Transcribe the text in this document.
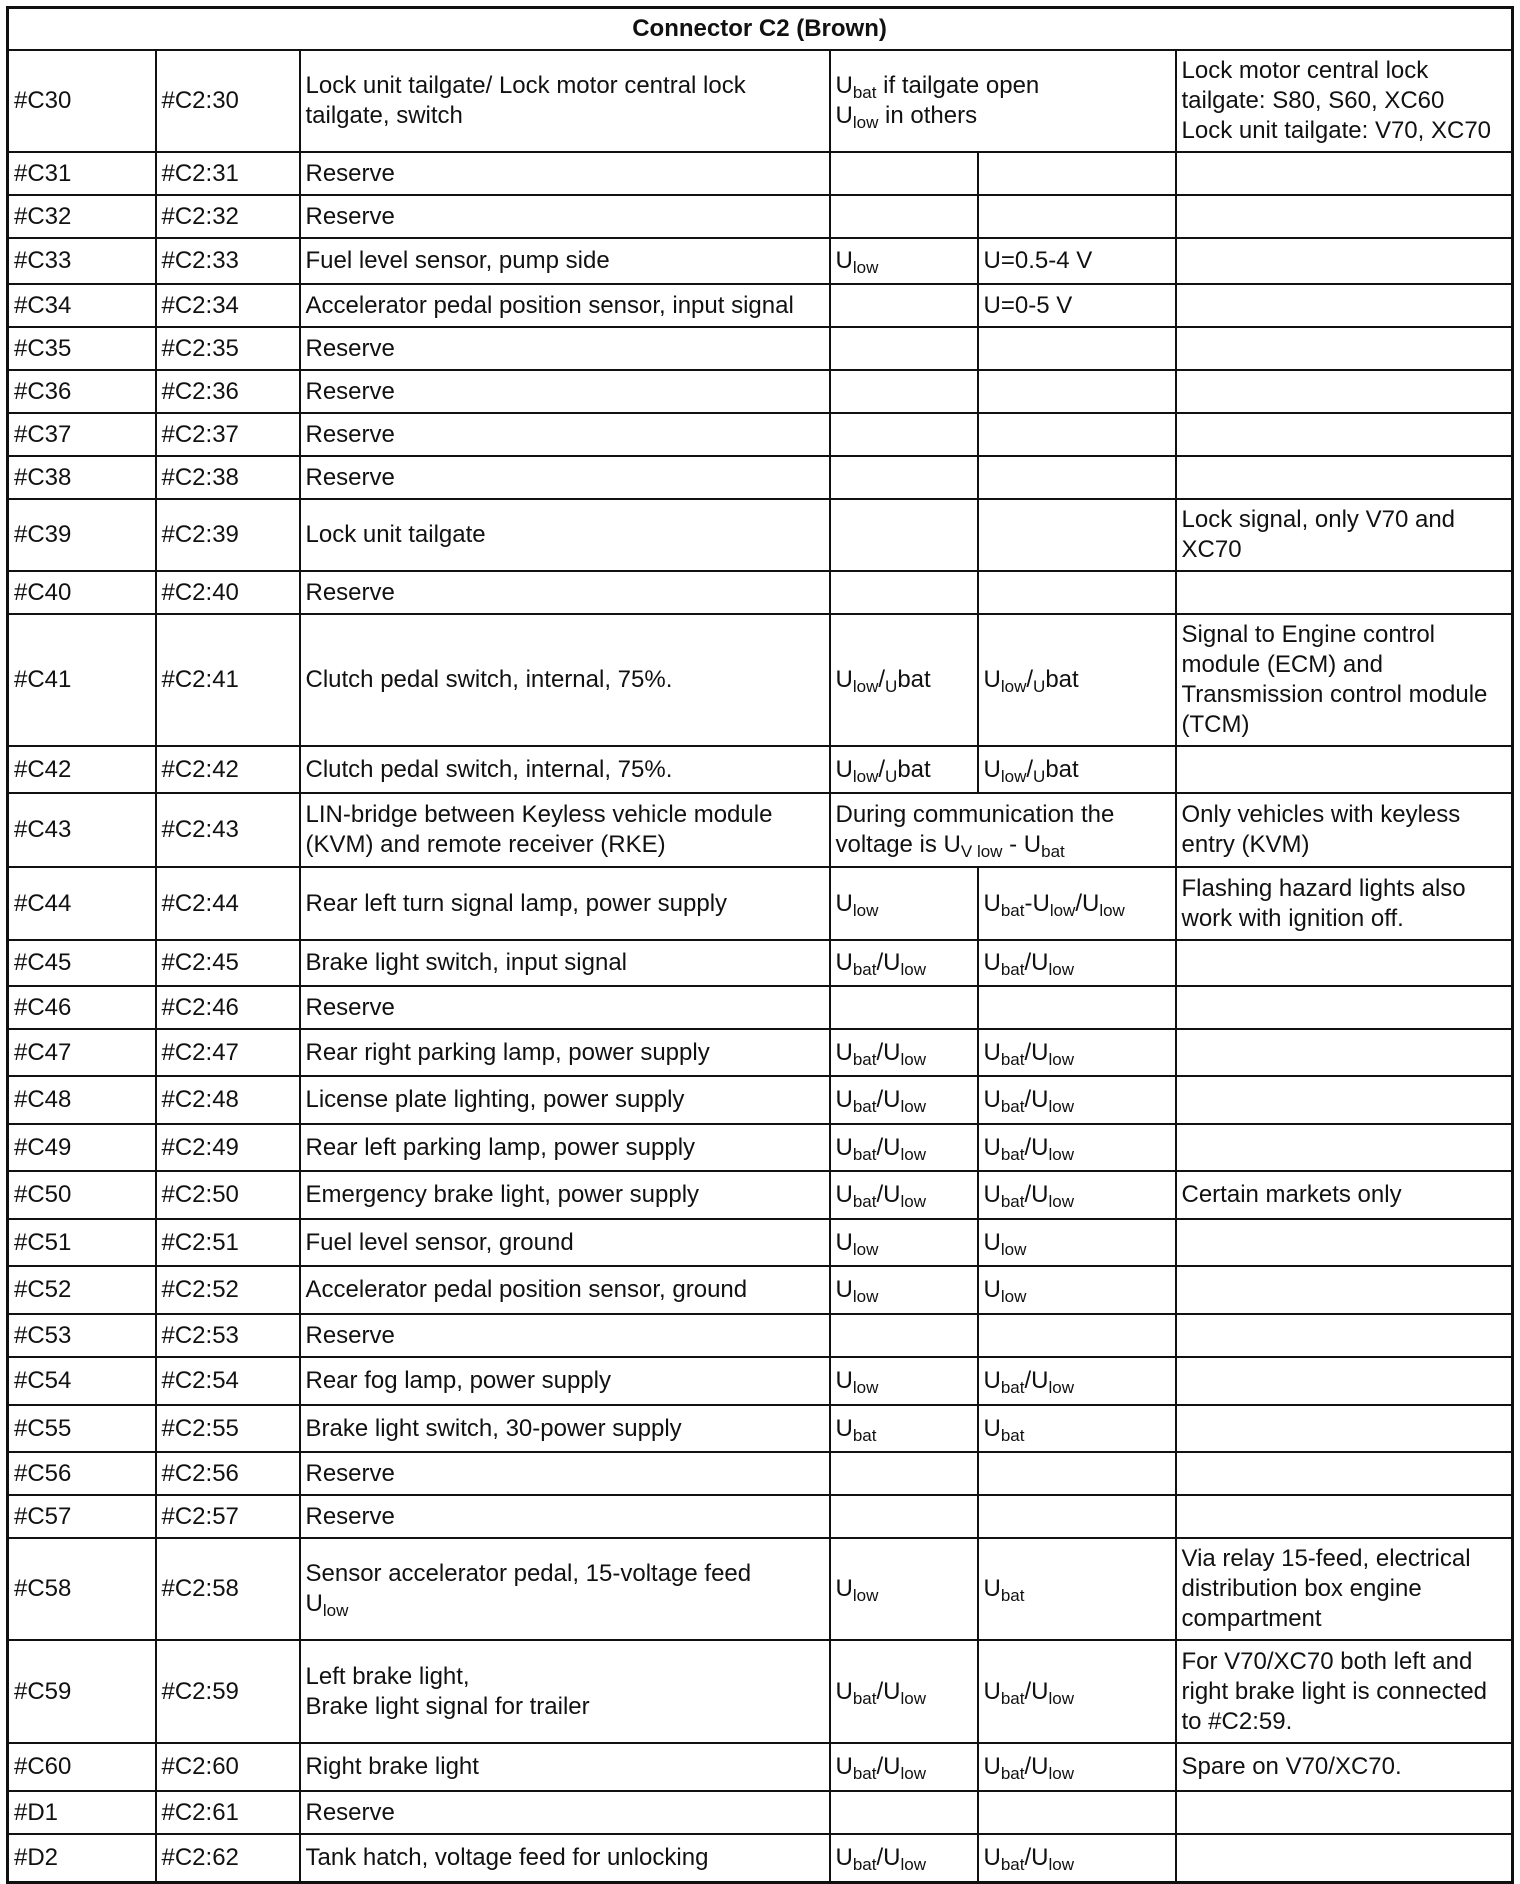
Connector C2 (Brown)					

#C30	#C2:30	Lock unit tailgate/ Lock motor central lock
tailgate, switch	$U_{bat}$ if tailgate open
$U_{low}$ in others		Lock motor central lock
tailgate: S80, S60, XC60
Lock unit tailgate: V70, XC70

#C31	#C2:31	Reserve			

#C32	#C2:32	Reserve			

#C33	#C2:33	Fuel level sensor, pump side	$U_{low}$	U=0.5-4 V	

#C34	#C2:34	Accelerator pedal position sensor, input signal		U=0-5 V	

#C35	#C2:35	Reserve			

#C36	#C2:36	Reserve			

#C37	#C2:37	Reserve			

#C38	#C2:38	Reserve			

#C39	#C2:39	Lock unit tailgate			Lock signal, only V70 and
XC70

#C40	#C2:40	Reserve			

#C41	#C2:41	Clutch pedal switch, internal, 75%.	$U_{low}/_Ubat$	$U_{low}/_Ubat$	Signal to Engine control
module (ECM) and
Transmission control module
(TCM)

#C42	#C2:42	Clutch pedal switch, internal, 75%.	$U_{low}/_Ubat$	$U_{low}/_Ubat$	

#C43	#C2:43	LIN-bridge between Keyless vehicle module
(KVM) and remote receiver (RKE)	During communication the
voltage is $U_{V low} - U_{bat}$		Only vehicles with keyless
entry (KVM)

#C44	#C2:44	Rear left turn signal lamp, power supply	$U_{low}$	$U_{bat}-U_{low}/U_{low}$	Flashing hazard lights also
work with ignition off.

#C45	#C2:45	Brake light switch, input signal	$U_{bat}/U_{low}$	$U_{bat}/U_{low}$

#C46	#C2:46	Reserve			

#C47	#C2:47	Rear right parking lamp, power supply	$U_{bat}/U_{low}$	$U_{bat}/U_{low}$

#C48	#C2:48	License plate lighting, power supply	$U_{bat}/U_{low}$	$U_{bat}/U_{low}$

#C49	#C2:49	Rear left parking lamp, power supply	$U_{bat}/U_{low}$	$U_{bat}/U_{low}$

#C50	#C2:50	Emergency brake light, power supply	$U_{bat}/U_{low}$	$U_{bat}/U_{low}$	Certain markets only

#C51	#C2:51	Fuel level sensor, ground	$U_{low}$	$U_{low}$

#C52	#C2:52	Accelerator pedal position sensor, ground	$U_{low}$	$U_{low}$

#C53	#C2:53	Reserve			

#C54	#C2:54	Rear fog lamp, power supply	$U_{low}$	$U_{bat}/U_{low}$

#C55	#C2:55	Brake light switch, 30-power supply	$U_{bat}$	$U_{bat}$

#C56	#C2:56	Reserve			

#C57	#C2:57	Reserve			

#C58	#C2:58	Sensor accelerator pedal, 15-voltage feed
$U_{low}$	$U_{low}$	$U_{bat}$	Via relay 15-feed, electrical
distribution box engine
compartment

#C59	#C2:59	Left brake light,
Brake light signal for trailer	$U_{bat}/U_{low}$	$U_{bat}/U_{low}$	For V70/XC70 both left and
right brake light is connected
to #C2:59.

#C60	#C2:60	Right brake light	$U_{bat}/U_{low}$	$U_{bat}/U_{low}$	Spare on V70/XC70.

#D1	#C2:61	Reserve			

#D2	#C2:62	Tank hatch, voltage feed for unlocking	$U_{bat}/U_{low}$	$U_{bat}/U_{low}$
